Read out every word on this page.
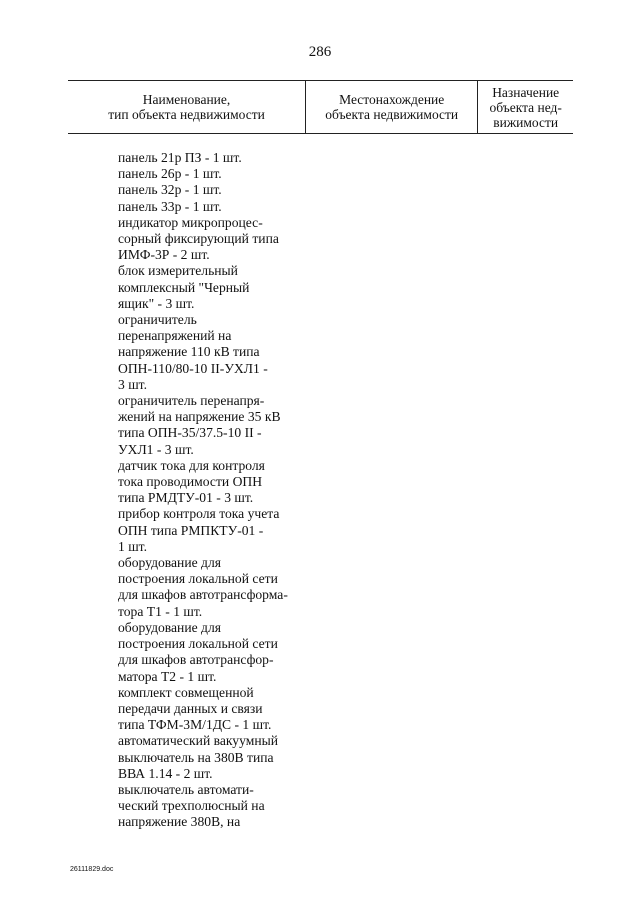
286
Наименование,
тип объекта недвижимости
Местонахождение
объекта недвижимости
Назначение
объекта нед-
вижимости
панель 21р ПЗ - 1 шт.
панель 26р - 1 шт.
панель 32р - 1 шт.
панель 33р - 1 шт.
индикатор микропроцес-
сорный фиксирующий типа
ИМФ-3Р - 2 шт.
блок измерительный
комплексный "Черный
ящик" - 3 шт.
ограничитель
перенапряжений на
напряжение 110 кВ типа
ОПН-110/80-10 II-УХЛ1 -
3 шт.
ограничитель перенапря-
жений на напряжение 35 кВ
типа ОПН-35/37.5-10 II -
УХЛ1 - 3 шт.
датчик тока для контроля
тока проводимости ОПН
типа РМДТУ-01 - 3 шт.
прибор контроля тока учета
ОПН типа РМПКТУ-01 -
1 шт.
оборудование для
построения локальной сети
для шкафов автотрансформа-
тора Т1 - 1 шт.
оборудование для
построения локальной сети
для шкафов автотрансфор-
матора Т2 - 1 шт.
комплект совмещенной
передачи данных и связи
типа ТФМ-3М/1ДС - 1 шт.
автоматический вакуумный
выключатель на 380В типа
ВВА 1.14 - 2 шт.
выключатель автомати-
ческий трехполюсный на
напряжение 380В, на
26111829.doc
